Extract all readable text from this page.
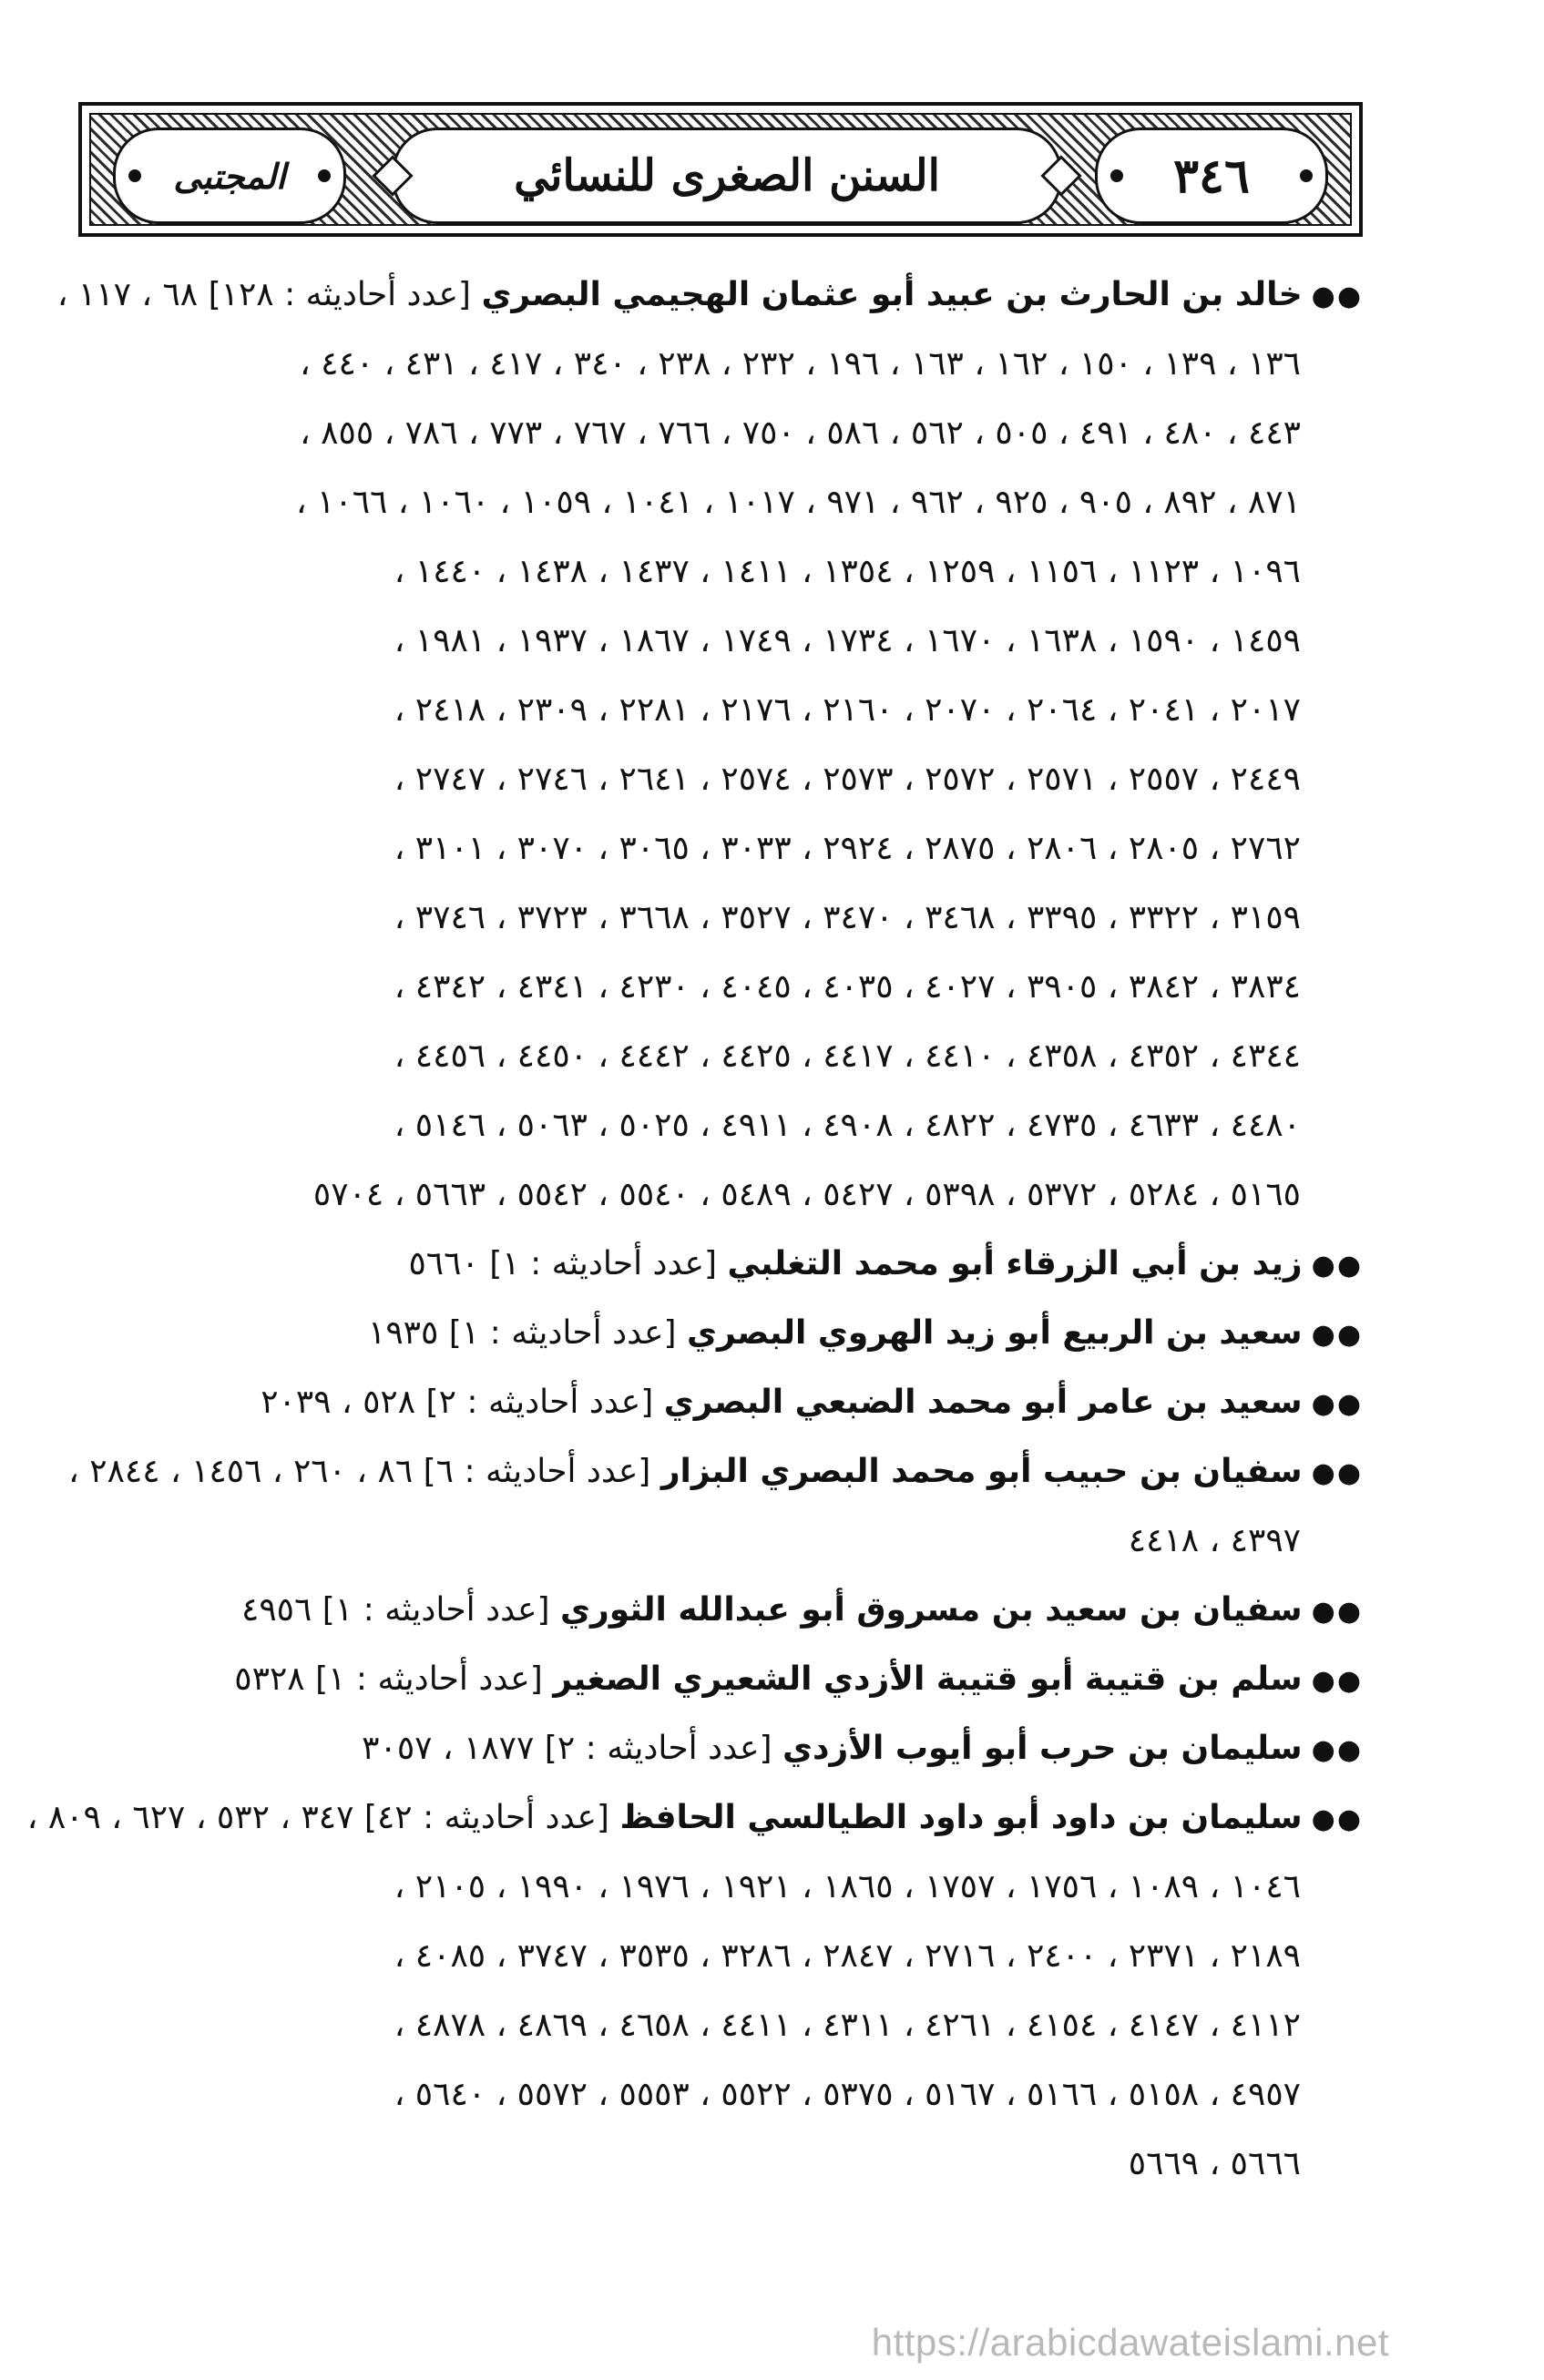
٣٤٦
السنن الصغرى للنسائي
المجتبى
●●خالد بن الحارث بن عبيد أبو عثمان الهجيمي البصري [عدد أحاديثه : ١٢٨] ٦٨ ، ١١٧ ،
١٣٦ ، ١٣٩ ، ١٥٠ ، ١٦٢ ، ١٦٣ ، ١٩٦ ، ٢٣٢ ، ٢٣٨ ، ٣٤٠ ، ٤١٧ ، ٤٣١ ، ٤٤٠ ،
٤٤٣ ، ٤٨٠ ، ٤٩١ ، ٥٠٥ ، ٥٦٢ ، ٥٨٦ ، ٧٥٠ ، ٧٦٦ ، ٧٦٧ ، ٧٧٣ ، ٧٨٦ ، ٨٥٥ ،
٨٧١ ، ٨٩٢ ، ٩٠٥ ، ٩٢٥ ، ٩٦٢ ، ٩٧١ ، ١٠١٧ ، ١٠٤١ ، ١٠٥٩ ، ١٠٦٠ ، ١٠٦٦ ،
١٠٩٦ ، ١١٢٣ ، ١١٥٦ ، ١٢٥٩ ، ١٣٥٤ ، ١٤١١ ، ١٤٣٧ ، ١٤٣٨ ، ١٤٤٠ ،
١٤٥٩ ، ١٥٩٠ ، ١٦٣٨ ، ١٦٧٠ ، ١٧٣٤ ، ١٧٤٩ ، ١٨٦٧ ، ١٩٣٧ ، ١٩٨١ ،
٢٠١٧ ، ٢٠٤١ ، ٢٠٦٤ ، ٢٠٧٠ ، ٢١٦٠ ، ٢١٧٦ ، ٢٢٨١ ، ٢٣٠٩ ، ٢٤١٨ ،
٢٤٤٩ ، ٢٥٥٧ ، ٢٥٧١ ، ٢٥٧٢ ، ٢٥٧٣ ، ٢٥٧٤ ، ٢٦٤١ ، ٢٧٤٦ ، ٢٧٤٧ ،
٢٧٦٢ ، ٢٨٠٥ ، ٢٨٠٦ ، ٢٨٧٥ ، ٢٩٢٤ ، ٣٠٣٣ ، ٣٠٦٥ ، ٣٠٧٠ ، ٣١٠١ ،
٣١٥٩ ، ٣٣٢٢ ، ٣٣٩٥ ، ٣٤٦٨ ، ٣٤٧٠ ، ٣٥٢٧ ، ٣٦٦٨ ، ٣٧٢٣ ، ٣٧٤٦ ،
٣٨٣٤ ، ٣٨٤٢ ، ٣٩٠٥ ، ٤٠٢٧ ، ٤٠٣٥ ، ٤٠٤٥ ، ٤٢٣٠ ، ٤٣٤١ ، ٤٣٤٢ ،
٤٣٤٤ ، ٤٣٥٢ ، ٤٣٥٨ ، ٤٤١٠ ، ٤٤١٧ ، ٤٤٢٥ ، ٤٤٤٢ ، ٤٤٥٠ ، ٤٤٥٦ ،
٤٤٨٠ ، ٤٦٣٣ ، ٤٧٣٥ ، ٤٨٢٢ ، ٤٩٠٨ ، ٤٩١١ ، ٥٠٢٥ ، ٥٠٦٣ ، ٥١٤٦ ،
٥١٦٥ ، ٥٢٨٤ ، ٥٣٧٢ ، ٥٣٩٨ ، ٥٤٢٧ ، ٥٤٨٩ ، ٥٥٤٠ ، ٥٥٤٢ ، ٥٦٦٣ ، ٥٧٠٤
●●زيد بن أبي الزرقاء أبو محمد التغلبي [عدد أحاديثه : ١] ٥٦٦٠
●●سعيد بن الربيع أبو زيد الهروي البصري [عدد أحاديثه : ١] ١٩٣٥
●●سعيد بن عامر أبو محمد الضبعي البصري [عدد أحاديثه : ٢] ٥٢٨ ، ٢٠٣٩
●●سفيان بن حبيب أبو محمد البصري البزار [عدد أحاديثه : ٦] ٨٦ ، ٢٦٠ ، ١٤٥٦ ، ٢٨٤٤ ،
٤٣٩٧ ، ٤٤١٨
●●سفيان بن سعيد بن مسروق أبو عبدالله الثوري [عدد أحاديثه : ١] ٤٩٥٦
●●سلم بن قتيبة أبو قتيبة الأزدي الشعيري الصغير [عدد أحاديثه : ١] ٥٣٢٨
●●سليمان بن حرب أبو أيوب الأزدي [عدد أحاديثه : ٢] ١٨٧٧ ، ٣٠٥٧
●●سليمان بن داود أبو داود الطيالسي الحافظ [عدد أحاديثه : ٤٢] ٣٤٧ ، ٥٣٢ ، ٦٢٧ ، ٨٠٩ ،
١٠٤٦ ، ١٠٨٩ ، ١٧٥٦ ، ١٧٥٧ ، ١٨٦٥ ، ١٩٢١ ، ١٩٧٦ ، ١٩٩٠ ، ٢١٠٥ ،
٢١٨٩ ، ٢٣٧١ ، ٢٤٠٠ ، ٢٧١٦ ، ٢٨٤٧ ، ٣٢٨٦ ، ٣٥٣٥ ، ٣٧٤٧ ، ٤٠٨٥ ،
٤١١٢ ، ٤١٤٧ ، ٤١٥٤ ، ٤٢٦١ ، ٤٣١١ ، ٤٤١١ ، ٤٦٥٨ ، ٤٨٦٩ ، ٤٨٧٨ ،
٤٩٥٧ ، ٥١٥٨ ، ٥١٦٦ ، ٥١٦٧ ، ٥٣٧٥ ، ٥٥٢٢ ، ٥٥٥٣ ، ٥٥٧٢ ، ٥٦٤٠ ،
٥٦٦٦ ، ٥٦٦٩
https://arabicdawateislami.net
